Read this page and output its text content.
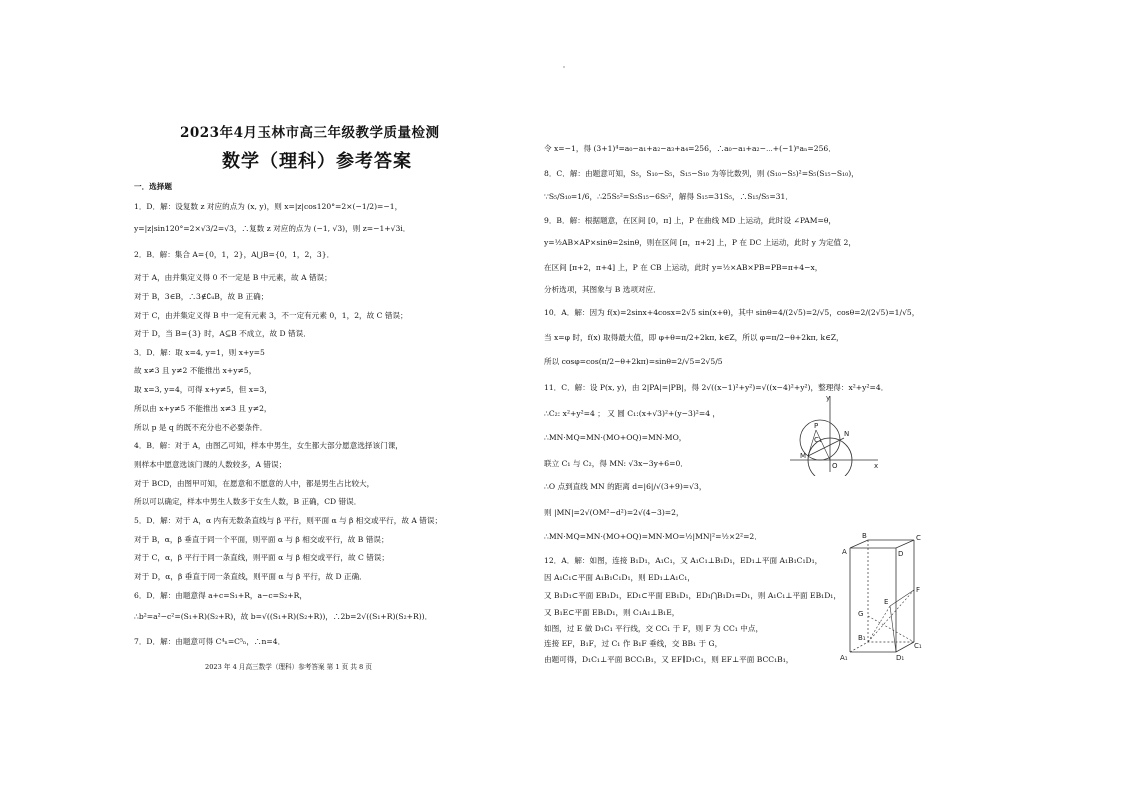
2023年4月玉林市高三年级教学质量检测
数学（理科）参考答案
一．选择题
1．D．解：设复数 z 对应的点为 (x, y)，则 x=|z|cos120°=2×(−1/2)=−1，
y=|z|sin120°=2×√3/2=√3，∴复数 z 对应的点为 (−1, √3)，则 z=−1+√3i．
2．B．解：集合 A={0，1，2}，A⋃B={0，1，2，3}．
对于 A，由并集定义得 0 不一定是 B 中元素，故 A 错误；
对于 B，3∈B，∴3∉∁ᵤB，故 B 正确；
对于 C，由并集定义得 B 中一定有元素 3，不一定有元素 0，1，2，故 C 错误；
对于 D，当 B={3} 时，A⊆B 不成立，故 D 错误．
3．D．解：取 x=4, y=1，则 x+y=5
故 x≠3 且 y≠2 不能推出 x+y≠5，
取 x=3, y=4，可得 x+y≠5，但 x=3，
所以由 x+y≠5 不能推出 x≠3 且 y≠2，
所以 p 是 q 的既不充分也不必要条件．
4．B．解：对于 A，由图乙可知，样本中男生，女生都大部分愿意选择该门课，
则样本中愿意选该门课的人数较多，A 错误；
对于 BCD，由图甲可知，在愿意和不愿意的人中，都是男生占比较大，
所以可以确定，样本中男生人数多于女生人数，B 正确，CD 错误．
5．D．解：对于 A，α 内有无数条直线与 β 平行，则平面 α 与 β 相交或平行，故 A 错误；
对于 B，α，β 垂直于同一个平面，则平面 α 与 β 相交或平行，故 B 错误；
对于 C，α，β 平行于同一条直线，则平面 α 与 β 相交或平行，故 C 错误；
对于 D，α，β 垂直于同一条直线，则平面 α 与 β 平行，故 D 正确．
6．D．解：由题意得 a+c=S₁+R，a−c=S₂+R，
∴b²=a²−c²=(S₁+R)(S₂+R)，故 b=√((S₁+R)(S₂+R))，∴2b=2√((S₁+R)(S₂+R))．
7．D．解：由题意可得 C⁴ₙ=C⁵ₙ，∴n=4．
2023 年 4 月高三数学（理科）参考答案 第 1 页 共 8 页
令 x=−1，得 (3+1)⁴=a₀−a₁+a₂−a₃+a₄=256，∴a₀−a₁+a₂−⋯+(−1)ⁿaₙ=256．
8．C．解：由题意可知，S₅，S₁₀−S₅，S₁₅−S₁₀ 为等比数列，则 (S₁₀−S₅)²=S₅(S₁₅−S₁₀)，
∵S₅/S₁₀=1/6，∴25S₅²=S₅S₁₅−6S₅²，解得 S₁₅=31S₅，∴S₁₅/S₅=31．
9．B．解：根据题意，在区间 [0，π] 上，P 在曲线 MD 上运动，此时设 ∠PAM=θ，
y=½AB×AP×sinθ=2sinθ，则在区间 [π，π+2] 上，P 在 DC 上运动，此时 y 为定值 2，
在区间 [π+2，π+4] 上，P 在 CB 上运动，此时 y=½×AB×PB=PB=π+4−x，
分析选项，其图象与 B 选项对应．
10．A．解：因为 f(x)=2sinx+4cosx=2√5 sin(x+θ)，其中 sinθ=4/(2√5)=2/√5，cosθ=2/(2√5)=1/√5，
当 x=φ 时，f(x) 取得最大值，即 φ+θ=π/2+2kπ, k∈Z，所以 φ=π/2−θ+2kπ, k∈Z，
所以 cosφ=cos(π/2−θ+2kπ)=sinθ=2/√5=2√5/5
11．C．解：设 P(x, y)，由 2|PA|=|PB|，得 2√((x−1)²+y²)=√((x−4)²+y²)，整理得：x²+y²=4．
∴C₂: x²+y²=4 ； 又 圆 C₁:(x+√3)²+(y−3)²=4 ，
∴MN·MQ=MN·(MO+OQ)=MN·MO，
联立 C₁ 与 C₂，得 MN: √3x−3y+6=0．
∴O 点到直线 MN 的距离 d=|6|/√(3+9)=√3，
则 |MN|=2√(OM²−d²)=2√(4−3)=2，
∴MN·MQ=MN·(MO+OQ)=MN·MO=½|MN|²=½×2²=2．
12．A．解：如图，连接 B₁D₁，A₁C₁，又 A₁C₁⊥B₁D₁，ED₁⊥平面 A₁B₁C₁D₁，
因 A₁C₁⊂平面 A₁B₁C₁D₁，则 ED₁⊥A₁C₁，
又 B₁D₁⊂平面 EB₁D₁，ED₁⊂平面 EB₁D₁，ED₁⋂B₁D₁=D₁，则 A₁C₁⊥平面 EB₁D₁，
又 B₁E⊂平面 EB₁D₁，则 C₁A₁⊥B₁E，
如图，过 E 做 D₁C₁ 平行线，交 CC₁ 于 F，则 F 为 CC₁ 中点，
连接 EF，B₁F，过 C₁ 作 B₁F 垂线，交 BB₁ 于 G，
由题可得，D₁C₁⊥平面 BCC₁B₁，又 EF∥D₁C₁，则 EF⊥平面 BCC₁B₁，
y
M
O	x
C₁
N
P
A
B	C
D
E
F
G
A₁
B₁
C₁
D₁
